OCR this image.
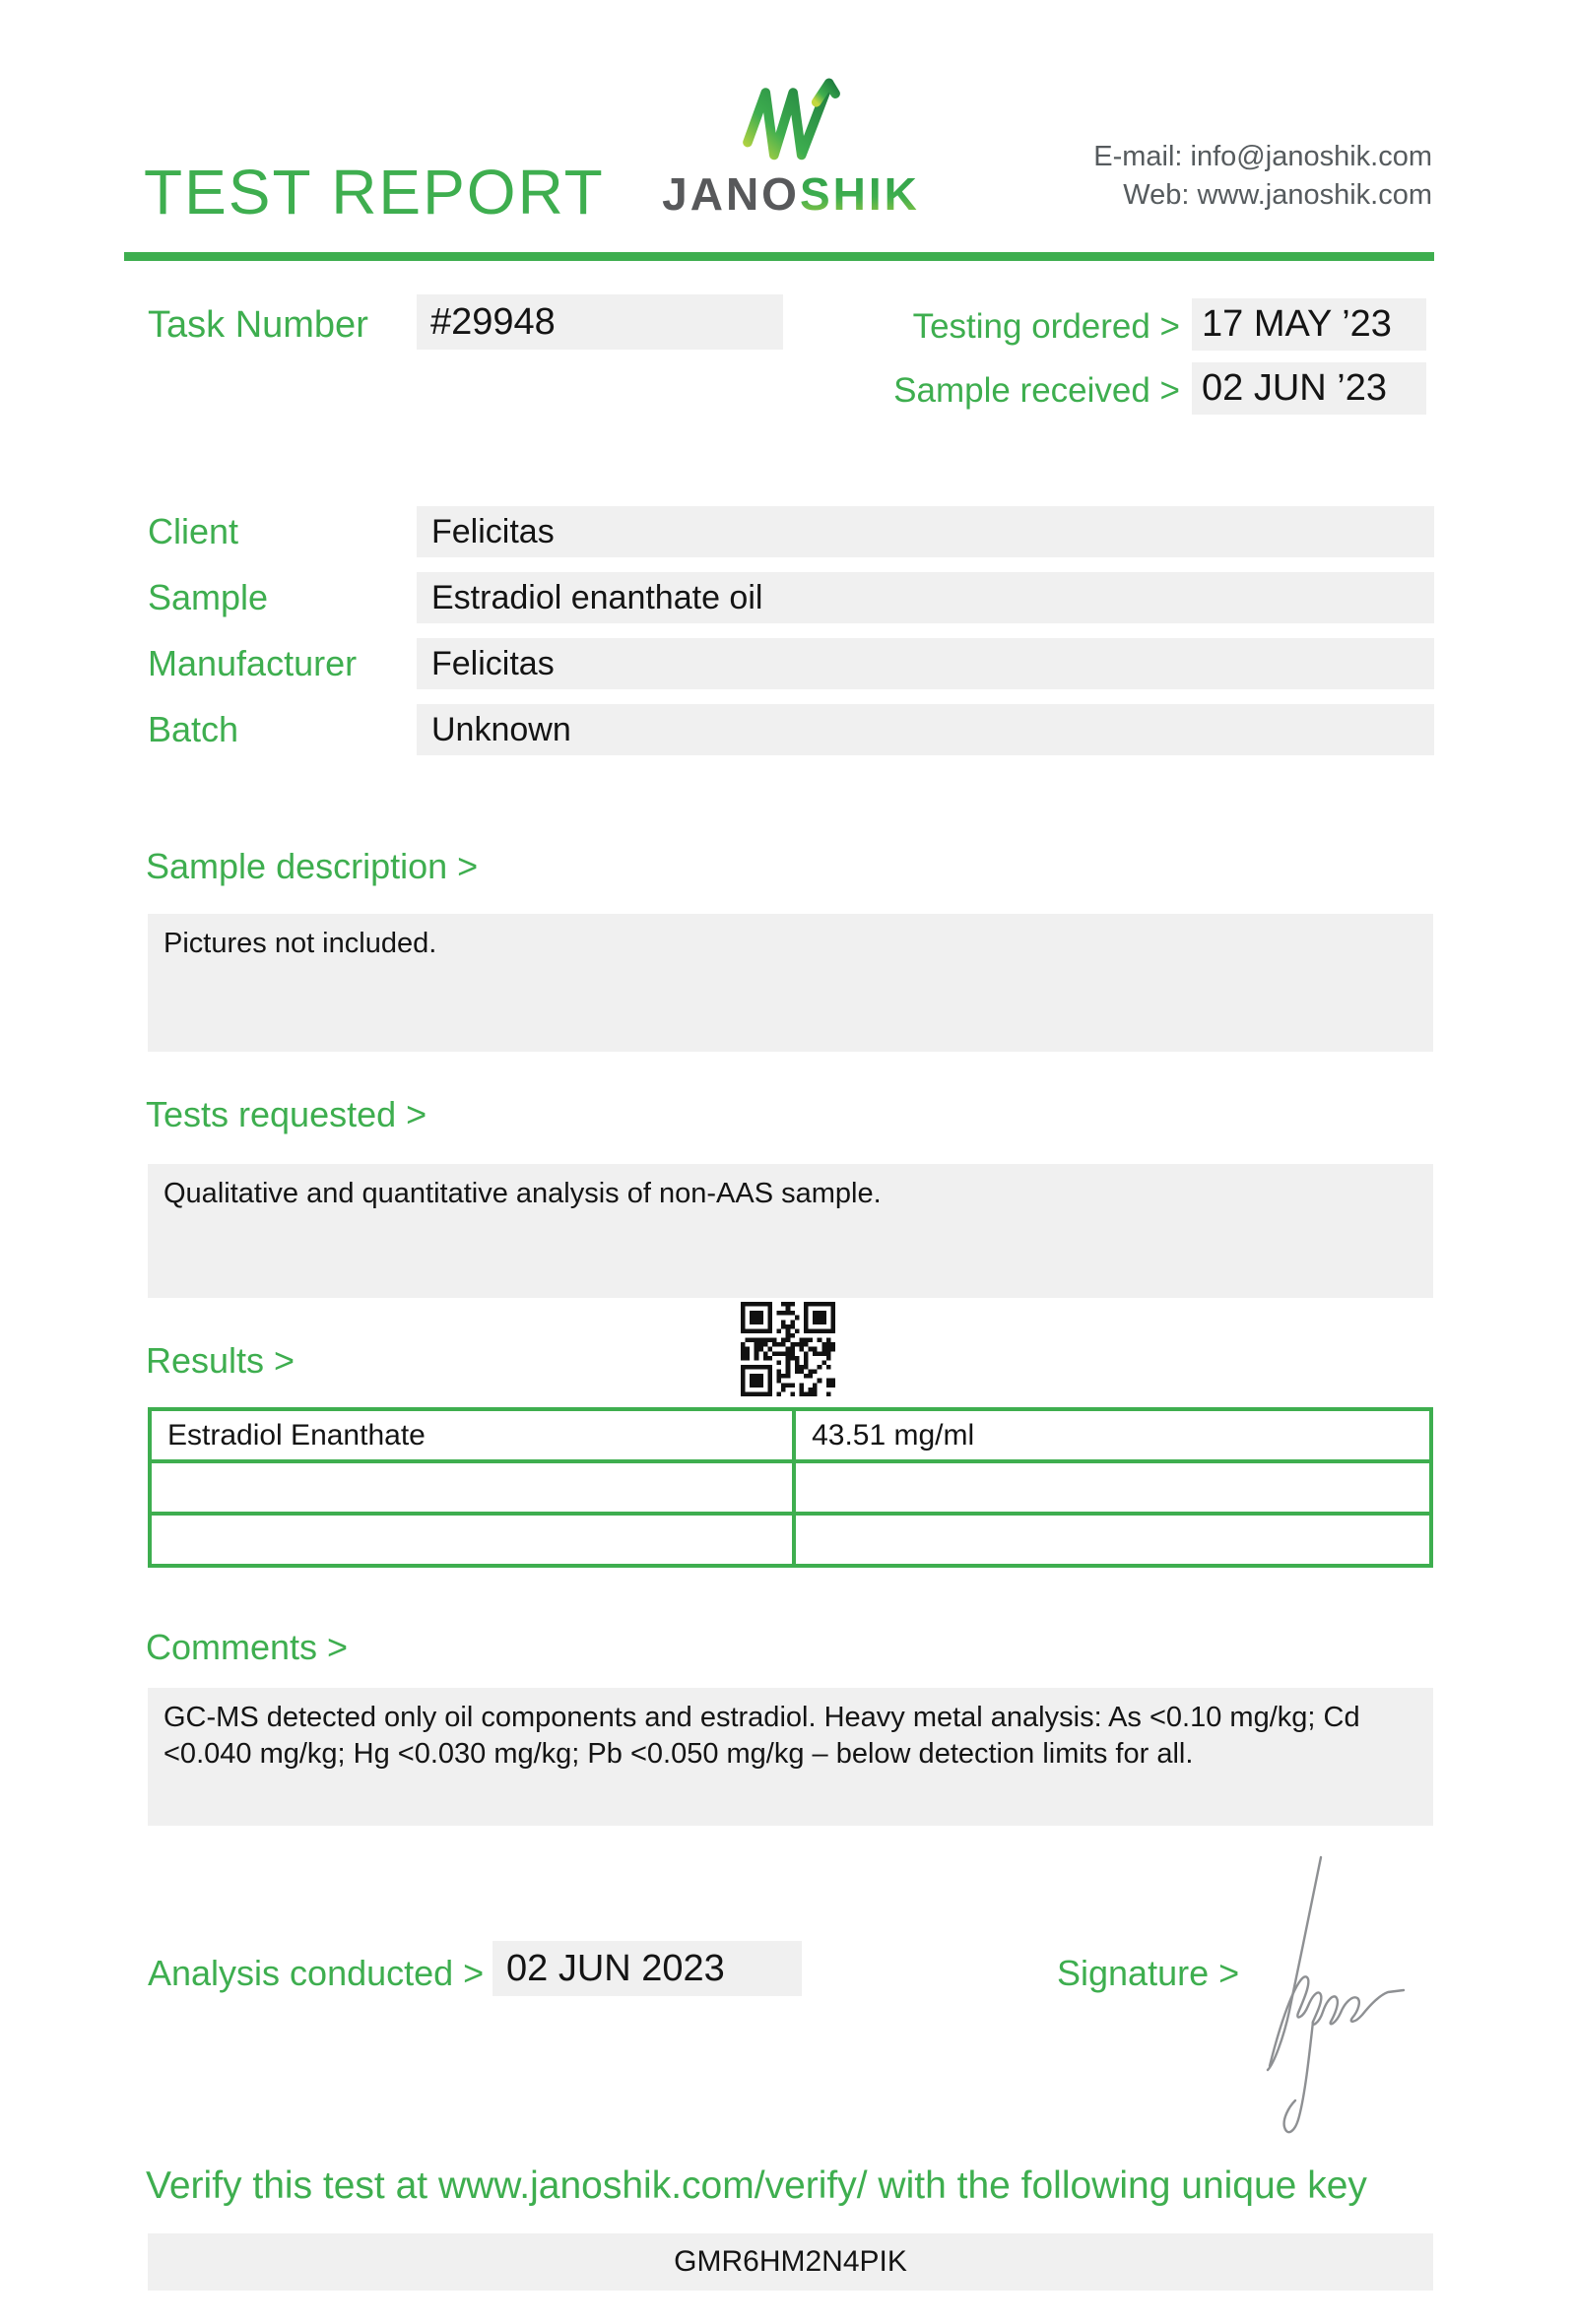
TEST REPORT	JANOSHIK
E-mail: info@janoshik.com
Web: www.janoshik.com
Task Number	#29948	Testing ordered > 17 MAY ’23
Sample received > 02 JUN ’23
Client	Felicitas
Sample	Estradiol enanthate oil
Manufacturer	Felicitas
Batch	Unknown
Sample description >
Pictures not included.
Tests requested >
Qualitative and quantitative analysis of non-AAS sample.
Results >
Estradiol Enanthate	43.51 mg/ml

Comments >
GC-MS detected only oil components and estradiol. Heavy metal analysis: As <0.10 mg/kg; Cd <0.040 mg/kg; Hg <0.030 mg/kg; Pb <0.050 mg/kg – below detection limits for all.
Analysis conducted > 02 JUN 2023	Signature >
Verify this test at www.janoshik.com/verify/ with the following unique key
GMR6HM2N4PIK
